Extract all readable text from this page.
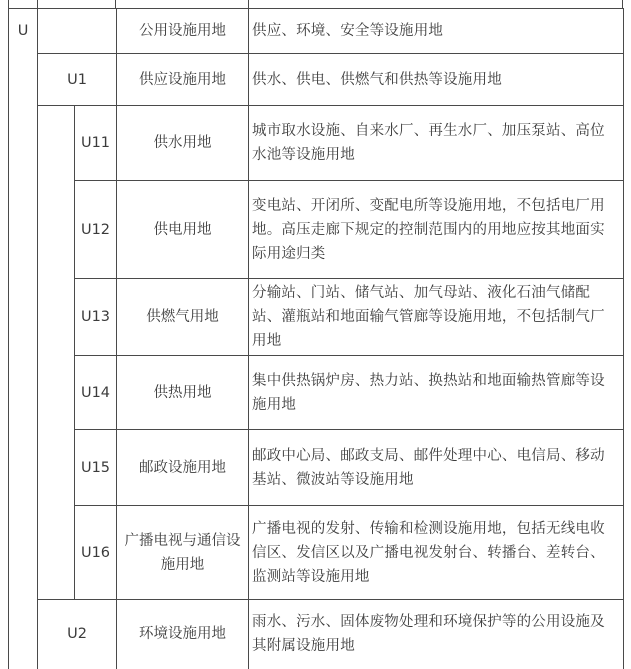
U			公用设施用地	供应、环境、安全等设施用地
	U1		供应设施用地	供水、供电、供燃气和供热等设施用地
		U11	供水用地	城市取水设施、自来水厂、再生水厂、加压泵站、高位水池等设施用地
		U12	供电用地	变电站、开闭所、变配电所等设施用地，不包括电厂用地。高压走廊下规定的控制范围内的用地应按其地面实际用途归类
		U13	供燃气用地	分输站、门站、储气站、加气母站、液化石油气储配站、灌瓶站和地面输气管廊等设施用地，不包括制气厂用地
		U14	供热用地	集中供热锅炉房、热力站、换热站和地面输热管廊等设施用地
		U15	邮政设施用地	邮政中心局、邮政支局、邮件处理中心、电信局、移动基站、微波站等设施用地
		U16	广播电视与通信设施用地	广播电视的发射、传输和检测设施用地，包括无线电收信区、发信区以及广播电视发射台、转播台、差转台、监测站等设施用地
	U2		环境设施用地	雨水、污水、固体废物处理和环境保护等的公用设施及其附属设施用地
